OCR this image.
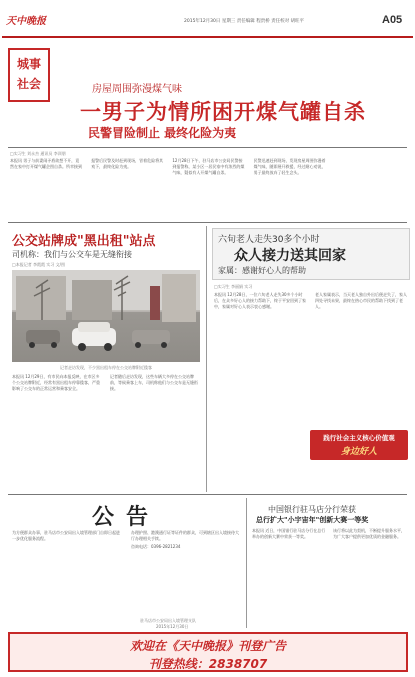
天中晚报	2015年12月30日 星期三 责任编辑 程贵桥 责任校对 胡旺平	A05
城事
社会	房屋周围弥漫煤气味
一男子为情所困开煤气罐自杀
民警冒险制止 最终化险为夷
□实习生 刘永杰 通讯员 李训朋

本报讯 男子与前妻闹矛盾欲想不开，竟然在家中打开煤气罐企图自杀。所幸接到报警后民警及时赶到现场，冒着危险将其劝下，最终化险为夷。

12月28日下午，驻马店市公安局民警接到报警称，某小区一居民家中有浓烈的煤气味，疑似有人开煤气罐自杀。

民警迅速赶到现场，发现房屋周围弥漫着煤气味，随即展开救援，经过耐心劝说，男子最终放弃了轻生念头。

公交站牌成"黑出租"站点
司机称：我们与公交车是无缝衔接
□本报记者 李霞霞 实习 文/图
记者走访发现，不少黑出租车停在公交站牌附近揽客

本报讯 12月29日，有市民向本报反映，在市区多个公交站牌附近，经常有黑出租车停靠揽客，严重影响了公交车的正常运营和乘客安全。

记者随后走访发现，这些车辆大多停在公交站牌前，等候乘客上车，司机称他们与公交车是无缝衔接。

六旬老人走失30多个小时
众人接力送其回家
家属：感谢好心人的帮助
□实习生 李丽娟 实习

本报讯 12月28日，一位六旬老人走失30多个小时后，在众多好心人的接力帮助下，终于平安回到了家中，家属对好心人表示衷心感谢。

老人家属表示，当天老人独自外出后便走失了，家人四处寻找未果，最终在热心市民的帮助下找到了老人。

践行社会主义核心价值观
身边好人
公告

为方便群众办事，驻马店市公安局出入境管理部门自即日起进一步优化服务流程。

办理护照、港澳通行证等证件的群众，可到辖区出入境接待大厅办理相关手续。

咨询电话：0396-2821234

驻马店市公安局出入境管理支队
2015年12月30日
中国银行驻马店分行荣获
总行扩大"小宇宙年"创新大赛一等奖

本报讯 近日，中国银行驻马店分行在总行举办的创新大赛中荣获一等奖。

该行将以此为契机，不断提升服务水平，为广大客户提供更加优质的金融服务。

欢迎在《天中晚报》刊登广告
刊登热线：2838707
